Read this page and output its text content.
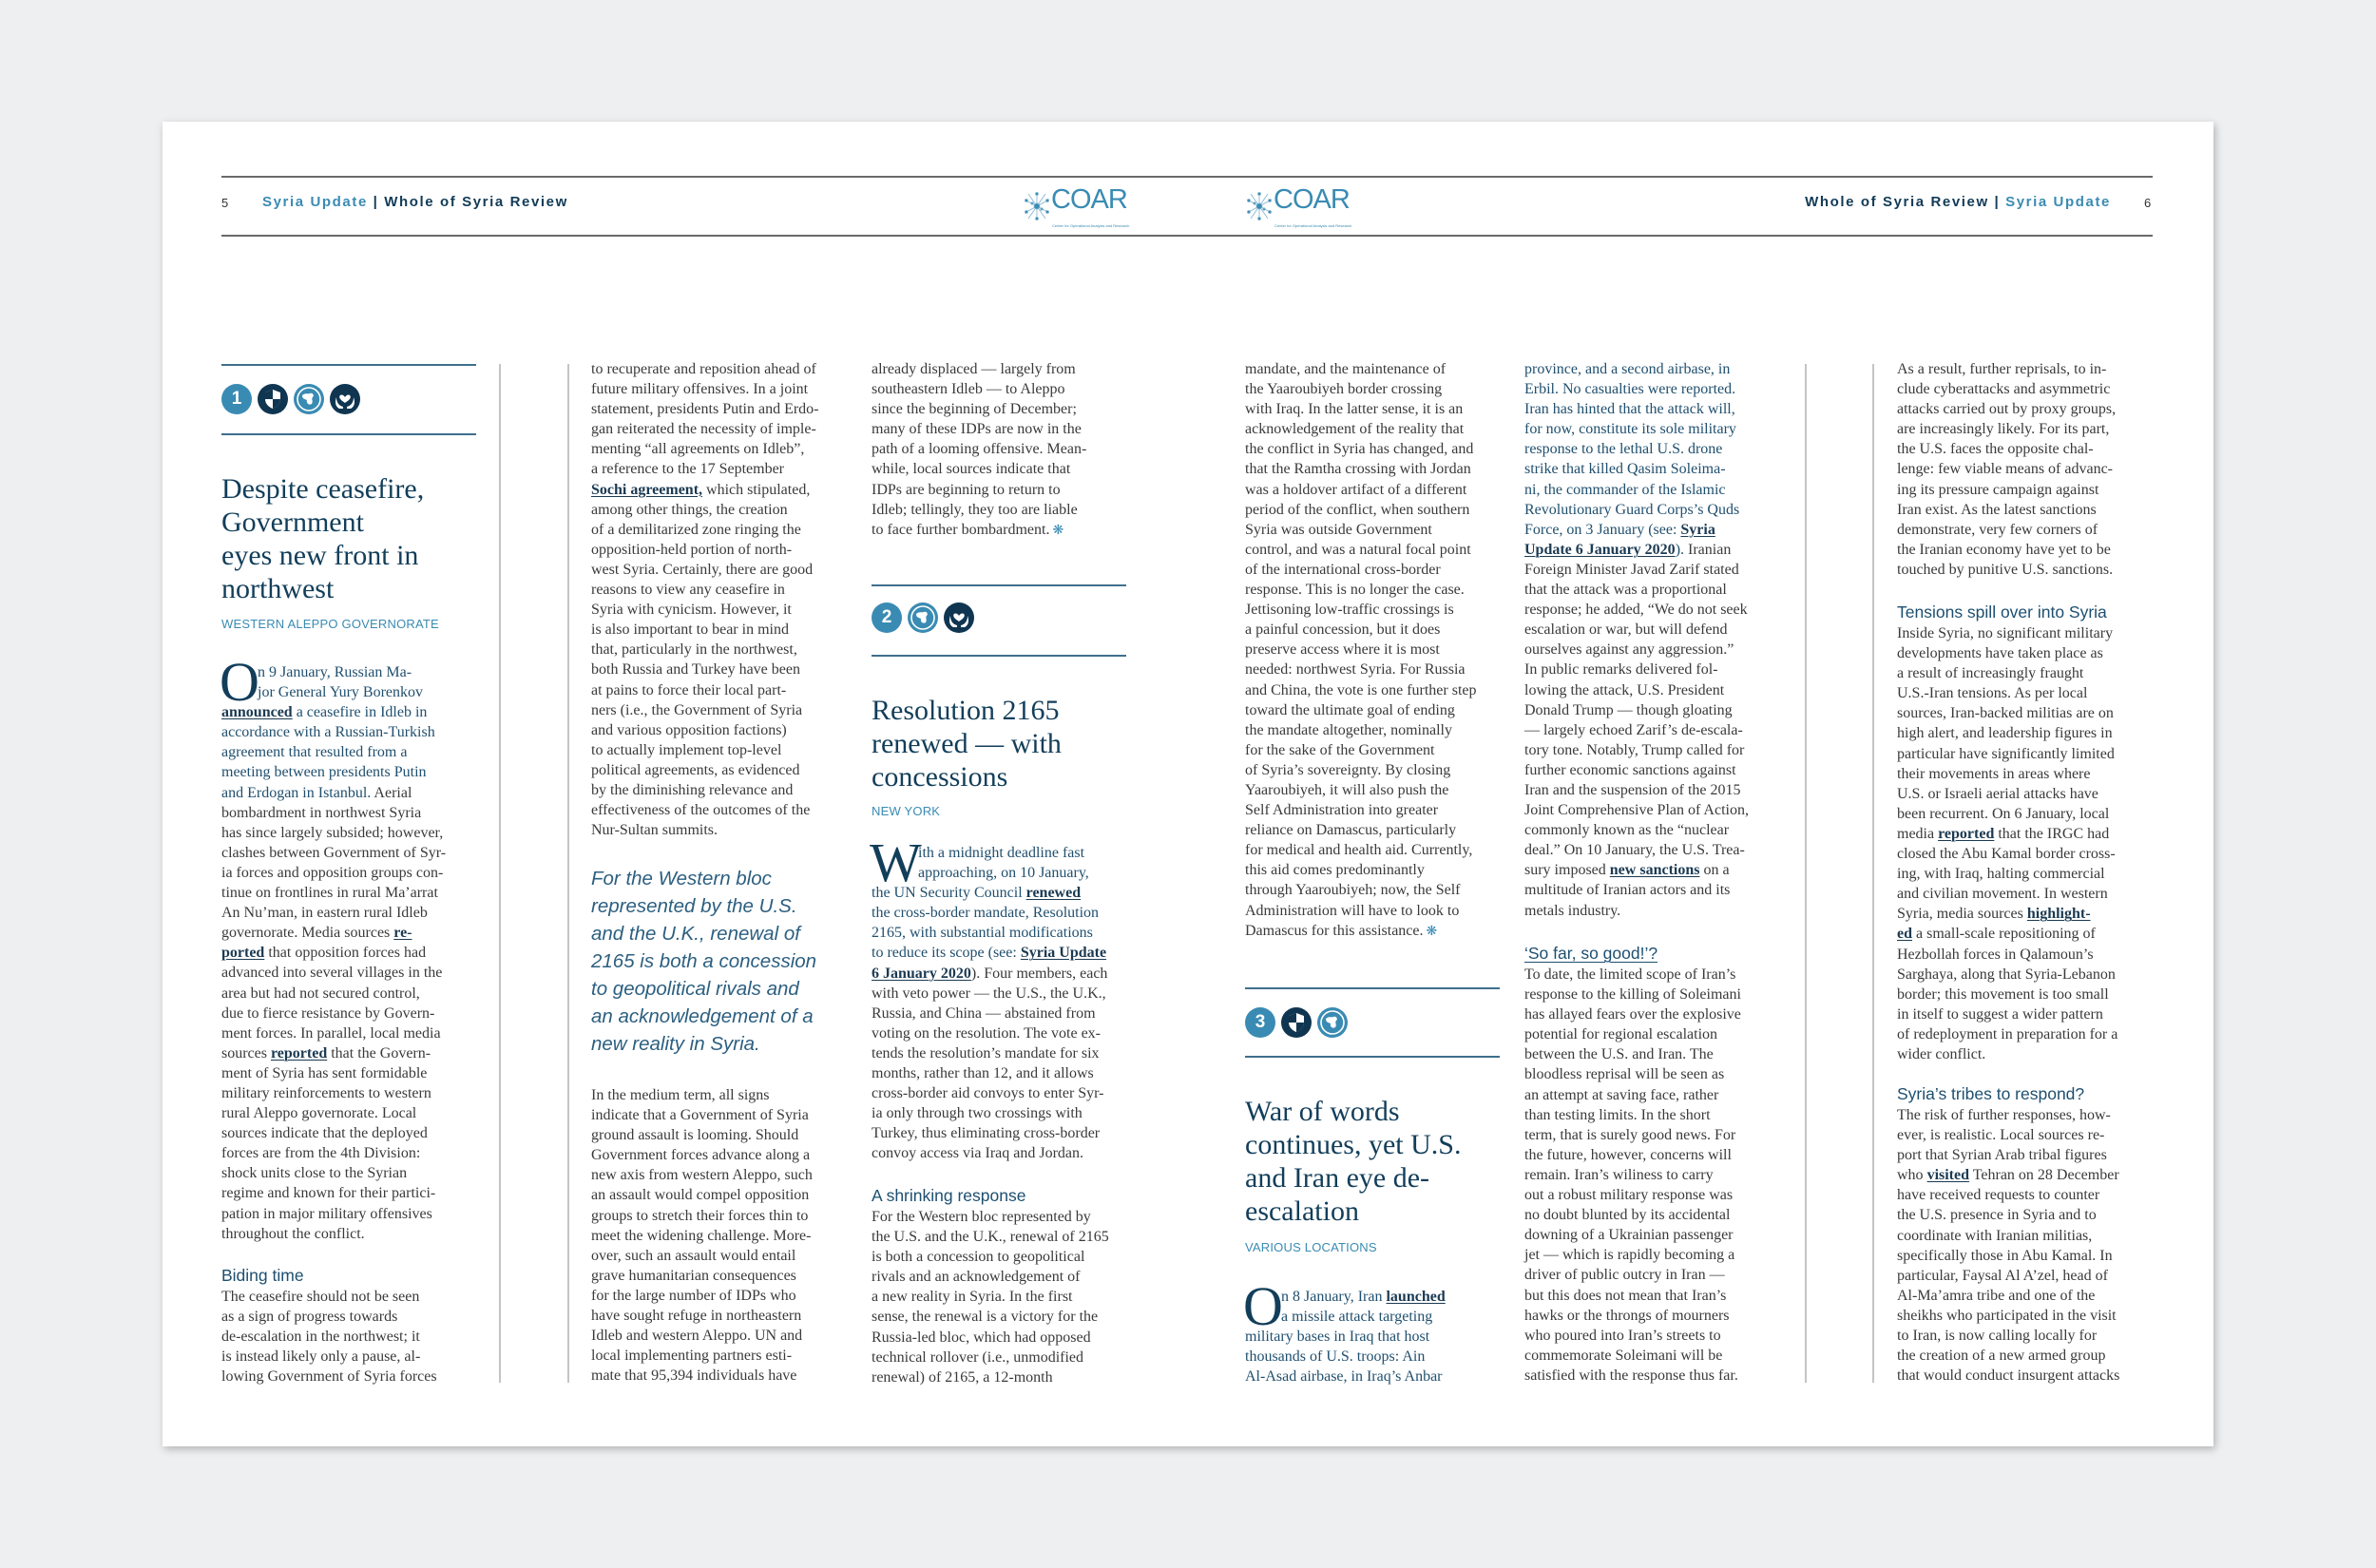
5 Syria Update | Whole of Syria Review	Whole of Syria Review | Syria Update	6
COAR
Center for Operational Analysis and Research
COAR
Center for Operational Analysis and Research
1
Despite ceasefire,
Government
eyes new front in
northwest
WESTERN ALEPPO GOVERNORATE
O
n 9 January, Russian Ma-
jor General Yury Borenkov
announced a ceasefire in Idleb in
accordance with a Russian-Turkish
agreement that resulted from a
meeting between presidents Putin
and Erdogan in Istanbul. Aerial
bombardment in northwest Syria
has since largely subsided; however,
clashes between Government of Syr-
ia forces and opposition groups con-
tinue on frontlines in rural Ma’arrat
An Nu’man, in eastern rural Idleb
governorate. Media sources re-
ported that opposition forces had
advanced into several villages in the
area but had not secured control,
due to fierce resistance by Govern-
ment forces. In parallel, local media
sources reported that the Govern-
ment of Syria has sent formidable
military reinforcements to western
rural Aleppo governorate. Local
sources indicate that the deployed
forces are from the 4th Division:
shock units close to the Syrian
regime and known for their partici-
pation in major military offensives
throughout the conflict.
Biding time
The ceasefire should not be seen
as a sign of progress towards
de-escalation in the northwest; it
is instead likely only a pause, al-
lowing Government of Syria forces
to recuperate and reposition ahead of
future military offensives. In a joint
statement, presidents Putin and Erdo-
gan reiterated the necessity of imple-
menting “all agreements on Idleb”,
a reference to the 17 September
Sochi agreement, which stipulated,
among other things, the creation
of a demilitarized zone ringing the
opposition-held portion of north-
west Syria. Certainly, there are good
reasons to view any ceasefire in
Syria with cynicism. However, it
is also important to bear in mind
that, particularly in the northwest,
both Russia and Turkey have been
at pains to force their local part-
ners (i.e., the Government of Syria
and various opposition factions)
to actually implement top-level
political agreements, as evidenced
by the diminishing relevance and
effectiveness of the outcomes of the
Nur-Sultan summits.
For the Western bloc
represented by the U.S.
and the U.K., renewal of
2165 is both a concession
to geopolitical rivals and
an acknowledgement of a
new reality in Syria.
In the medium term, all signs
indicate that a Government of Syria
ground assault is looming. Should
Government forces advance along a
new axis from western Aleppo, such
an assault would compel opposition
groups to stretch their forces thin to
meet the widening challenge. More-
over, such an assault would entail
grave humanitarian consequences
for the large number of IDPs who
have sought refuge in northeastern
Idleb and western Aleppo. UN and
local implementing partners esti-
mate that 95,394 individuals have
already displaced — largely from
southeastern Idleb — to Aleppo
since the beginning of December;
many of these IDPs are now in the
path of a looming offensive. Mean-
while, local sources indicate that
IDPs are beginning to return to
Idleb; tellingly, they too are liable
to face further bombardment. ❋
2
Resolution 2165
renewed — with
concessions
NEW YORK
W
ith a midnight deadline fast
approaching, on 10 January,
the UN Security Council renewed
the cross-border mandate, Resolution
2165, with substantial modifications
to reduce its scope (see: Syria Update
6 January 2020). Four members, each
with veto power — the U.S., the U.K.,
Russia, and China — abstained from
voting on the resolution. The vote ex-
tends the resolution’s mandate for six
months, rather than 12, and it allows
cross-border aid convoys to enter Syr-
ia only through two crossings with
Turkey, thus eliminating cross-border
convoy access via Iraq and Jordan.
A shrinking response
For the Western bloc represented by
the U.S. and the U.K., renewal of 2165
is both a concession to geopolitical
rivals and an acknowledgement of
a new reality in Syria. In the first
sense, the renewal is a victory for the
Russia-led bloc, which had opposed
technical rollover (i.e., unmodified
renewal) of 2165, a 12-month
mandate, and the maintenance of
the Yaaroubiyeh border crossing
with Iraq. In the latter sense, it is an
acknowledgement of the reality that
the conflict in Syria has changed, and
that the Ramtha crossing with Jordan
was a holdover artifact of a different
period of the conflict, when southern
Syria was outside Government
control, and was a natural focal point
of the international cross-border
response. This is no longer the case.
Jettisoning low-traffic crossings is
a painful concession, but it does
preserve access where it is most
needed: northwest Syria. For Russia
and China, the vote is one further step
toward the ultimate goal of ending
the mandate altogether, nominally
for the sake of the Government
of Syria’s sovereignty. By closing
Yaaroubiyeh, it will also push the
Self Administration into greater
reliance on Damascus, particularly
for medical and health aid. Currently,
this aid comes predominantly
through Yaaroubiyeh; now, the Self
Administration will have to look to
Damascus for this assistance. ❋
3
War of words
continues, yet U.S.
and Iran eye de-
escalation
VARIOUS LOCATIONS
O
n 8 January, Iran launched
a missile attack targeting
military bases in Iraq that host
thousands of U.S. troops: Ain
Al-Asad airbase, in Iraq’s Anbar
province, and a second airbase, in
Erbil. No casualties were reported.
Iran has hinted that the attack will,
for now, constitute its sole military
response to the lethal U.S. drone
strike that killed Qasim Soleima-
ni, the commander of the Islamic
Revolutionary Guard Corps’s Quds
Force, on 3 January (see: Syria
Update 6 January 2020). Iranian
Foreign Minister Javad Zarif stated
that the attack was a proportional
response; he added, “We do not seek
escalation or war, but will defend
ourselves against any aggression.”
In public remarks delivered fol-
lowing the attack, U.S. President
Donald Trump — though gloating
— largely echoed Zarif’s de-escala-
tory tone. Notably, Trump called for
further economic sanctions against
Iran and the suspension of the 2015
Joint Comprehensive Plan of Action,
commonly known as the “nuclear
deal.” On 10 January, the U.S. Trea-
sury imposed new sanctions on a
multitude of Iranian actors and its
metals industry.
‘So far, so good!’?
To date, the limited scope of Iran’s
response to the killing of Soleimani
has allayed fears over the explosive
potential for regional escalation
between the U.S. and Iran. The
bloodless reprisal will be seen as
an attempt at saving face, rather
than testing limits. In the short
term, that is surely good news. For
the future, however, concerns will
remain. Iran’s wiliness to carry
out a robust military response was
no doubt blunted by its accidental
downing of a Ukrainian passenger
jet — which is rapidly becoming a
driver of public outcry in Iran —
but this does not mean that Iran’s
hawks or the throngs of mourners
who poured into Iran’s streets to
commemorate Soleimani will be
satisfied with the response thus far.
As a result, further reprisals, to in-
clude cyberattacks and asymmetric
attacks carried out by proxy groups,
are increasingly likely. For its part,
the U.S. faces the opposite chal-
lenge: few viable means of advanc-
ing its pressure campaign against
Iran exist. As the latest sanctions
demonstrate, very few corners of
the Iranian economy have yet to be
touched by punitive U.S. sanctions.
Tensions spill over into Syria
Inside Syria, no significant military
developments have taken place as
a result of increasingly fraught
U.S.-Iran tensions. As per local
sources, Iran-backed militias are on
high alert, and leadership figures in
particular have significantly limited
their movements in areas where
U.S. or Israeli aerial attacks have
been recurrent. On 6 January, local
media reported that the IRGC had
closed the Abu Kamal border cross-
ing, with Iraq, halting commercial
and civilian movement. In western
Syria, media sources highlight-
ed a small-scale repositioning of
Hezbollah forces in Qalamoun’s
Sarghaya, along that Syria-Lebanon
border; this movement is too small
in itself to suggest a wider pattern
of redeployment in preparation for a
wider conflict.
Syria’s tribes to respond?
The risk of further responses, how-
ever, is realistic. Local sources re-
port that Syrian Arab tribal figures
who visited Tehran on 28 December
have received requests to counter
the U.S. presence in Syria and to
coordinate with Iranian militias,
specifically those in Abu Kamal. In
particular, Faysal Al A’zel, head of
Al-Ma’amra tribe and one of the
sheikhs who participated in the visit
to Iran, is now calling locally for
the creation of a new armed group
that would conduct insurgent attacks
